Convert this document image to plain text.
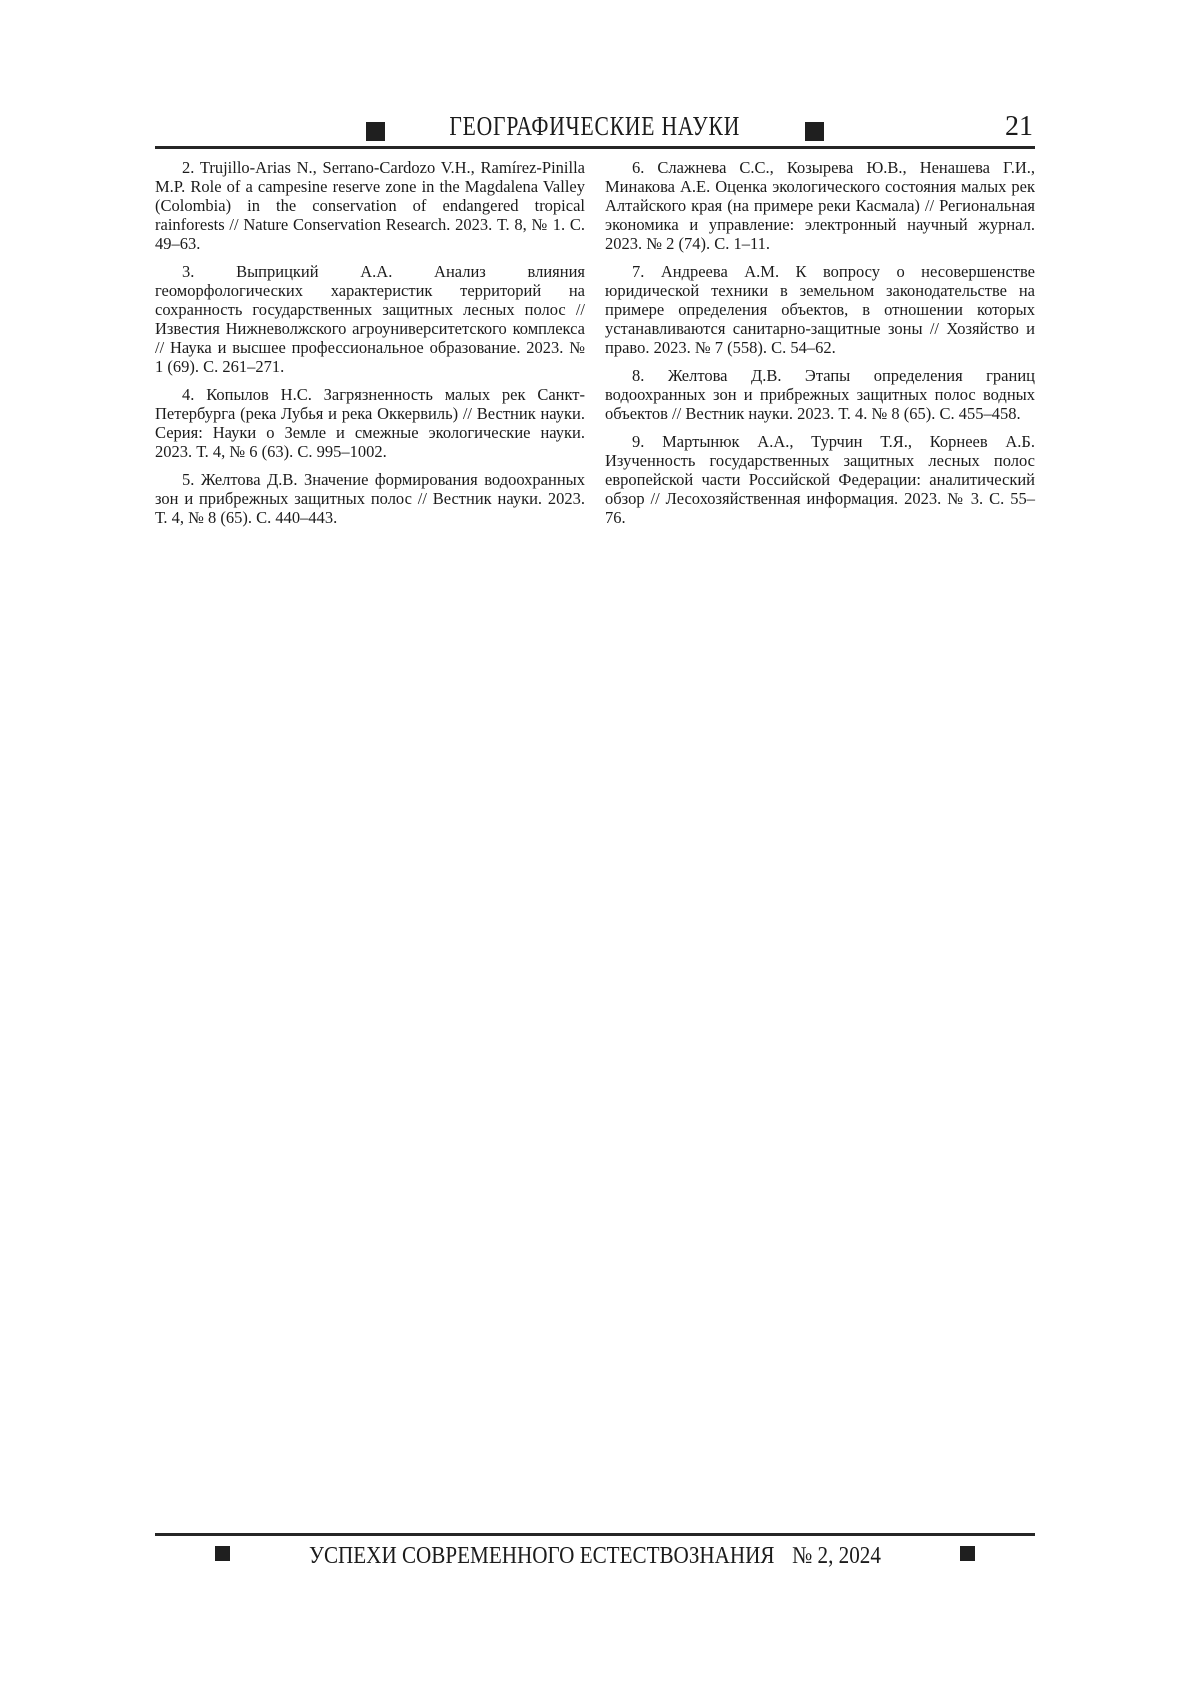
ГЕОГРАФИЧЕСКИЕ НАУКИ	21

2. Trujillo-Arias N., Serrano-Cardozo V.H., Ramírez-Pinilla M.P. Role of a campesine reserve zone in the Magdalena Valley (Colombia) in the conservation of endangered tropical rainforests // Nature Conservation Research. 2023. Т. 8, № 1. С. 49–63.

3.	Выприцкий А.А. Анализ влияния геоморфологических характеристик территорий на сохранность государственных защитных лесных полос // Известия Нижневолжского агроуниверситетского комплекса // Наука и высшее профессиональное образование. 2023. № 1 (69). С. 261–271.

4. Копылов Н.С. Загрязненность малых рек Санкт-Петербурга (река Лубья и река Оккервиль) // Вестник науки. Серия: Науки о Земле и смежные экологические науки. 2023. Т. 4, № 6 (63). С. 995–1002.

5. Желтова Д.В. Значение формирования водоохранных зон и прибрежных защитных полос // Вестник науки. 2023. Т. 4, № 8 (65). С. 440–443.

6. Слажнева С.С., Козырева Ю.В., Ненашева Г.И., Минакова А.Е. Оценка экологического состояния малых рек Алтайского края (на примере реки Касмала) // Региональная экономика и управление: электронный научный журнал. 2023. № 2 (74). С. 1–11.

7. Андреева А.М. К вопросу о несовершенстве юридической техники в земельном законодательстве на примере определения объектов, в отношении которых устанавливаются санитарно-защитные зоны // Хозяйство и право. 2023. № 7 (558). С. 54–62.

8. Желтова Д.В. Этапы определения границ водоохранных зон и прибрежных защитных полос водных объектов // Вестник науки. 2023. Т. 4. № 8 (65). С. 455–458.

9. Мартынюк А.А., Турчин Т.Я., Корнеев А.Б. Изученность государственных защитных лесных полос европейской части Российской Федерации: аналитический обзор // Лесохозяйственная информация. 2023. № 3. С. 55–76.

УСПЕХИ СОВРЕМЕННОГО ЕСТЕСТВОЗНАНИЯ № 2, 2024
